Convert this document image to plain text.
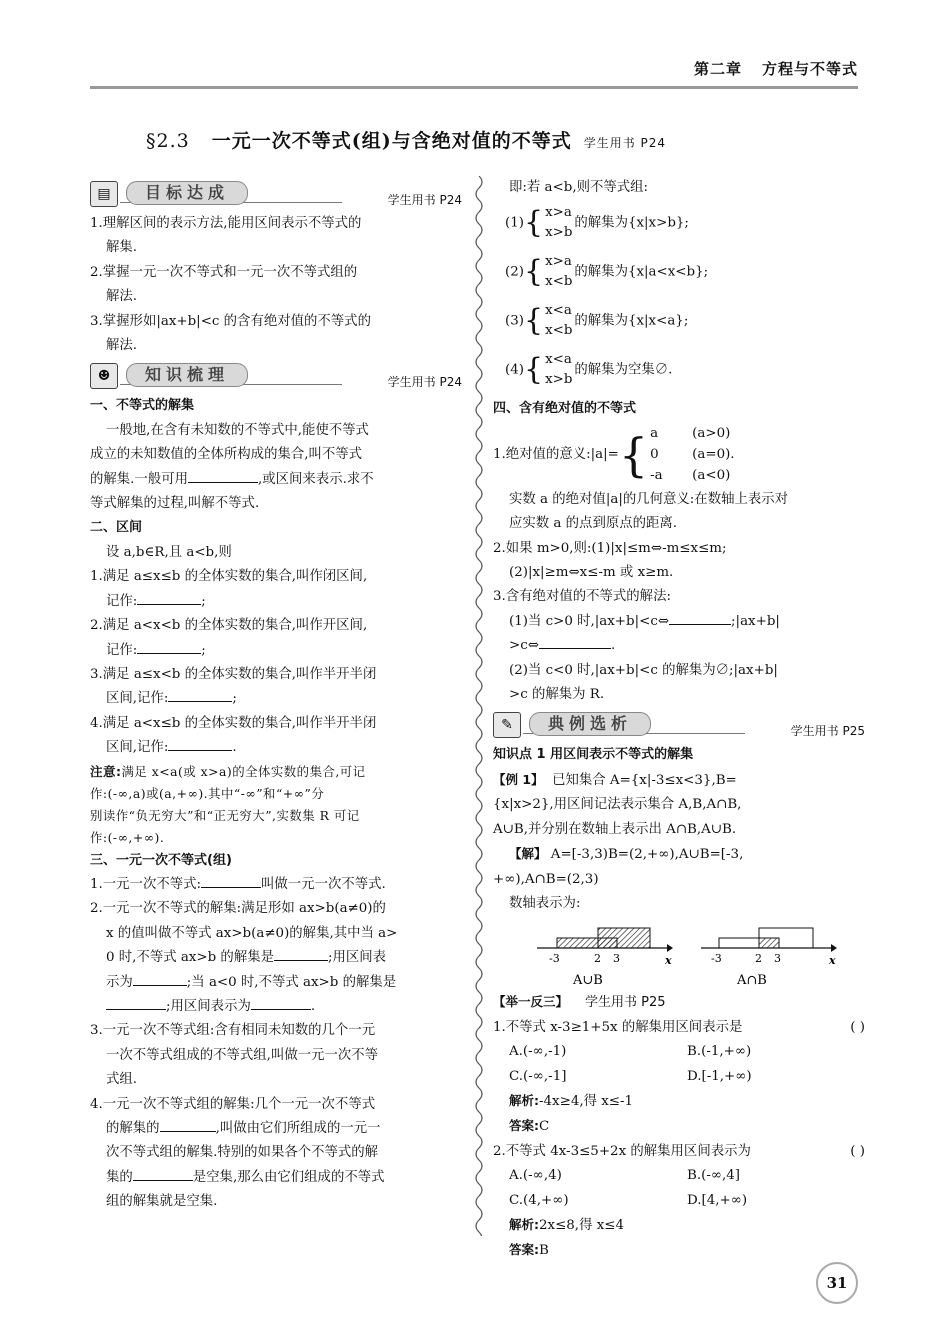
第二章 方程与不等式
§2.3 一元一次不等式(组)与含绝对值的不等式 学生用书 P24
▤	目标达成	学生用书 P24

1.理解区间的表示方法,能用区间表示不等式的

解集.

2.掌握一元一次不等式和一元一次不等式组的

解法.

3.掌握形如|ax+b|<c 的含有绝对值的不等式的

解法.

☻	知识梳理	学生用书 P24

一、不等式的解集

一般地,在含有未知数的不等式中,能使不等式

成立的未知数值的全体所构成的集合,叫不等式

的解集.一般可用	,或区间来表示.求不

等式解集的过程,叫解不等式.

二、区间

设 a,b∈R,且 a<b,则

1.满足 a≤x≤b 的全体实数的集合,叫作闭区间,

记作:	;

2.满足 a<x<b 的全体实数的集合,叫作开区间,

记作:	;

3.满足 a≤x<b 的全体实数的集合,叫作半开半闭

区间,记作:	;

4.满足 a<x≤b 的全体实数的集合,叫作半开半闭

区间,记作:	.

注意:满足 x<a(或 x>a)的全体实数的集合,可记

作:(-∞,a)或(a,+∞).其中“-∞”和“+∞”分

别读作“负无穷大”和“正无穷大”,实数集 R 可记

作:(-∞,+∞).

三、一元一次不等式(组)

1.一元一次不等式:	叫做一元一次不等式.

2.一元一次不等式的解集:满足形如 ax>b(a≠0)的

x 的值叫做不等式 ax>b(a≠0)的解集,其中当 a>

0 时,不等式 ax>b 的解集是	;用区间表

示为	;当 a<0 时,不等式 ax>b 的解集是

;用区间表示为	.

3.一元一次不等式组:含有相同未知数的几个一元

一次不等式组成的不等式组,叫做一元一次不等

式组.

4.一元一次不等式组的解集:几个一元一次不等式

的解集的	,叫做由它们所组成的一元一

次不等式组的解集.特别的如果各个不等式的解

集的	是空集,那么由它们组成的不等式

组的解集就是空集.

即:若 a<b,则不等式组:

(1){ x>a
x>b
的解集为{x|x>b};
(2){ x>a
x<b
的解集为{x|a<x<b};
(3){ x<a
x<b
的解集为{x|x<a};
(4){ x<a
x>b
的解集为空集∅.

四、含有绝对值的不等式

1.绝对值的意义:|a|= { a	(a>0)
0 (a=0).
-a (a<0)

实数 a 的绝对值|a|的几何意义:在数轴上表示对

应实数 a 的点到原点的距离.

2.如果 m>0,则:(1)|x|≤m⇔-m≤x≤m;

(2)|x|≥m⇔x≤-m 或 x≥m.

3.含有绝对值的不等式的解法:

(1)当 c>0 时,|ax+b|<c⇔	;|ax+b|

>c⇔	.

(2)当 c<0 时,|ax+b|<c 的解集为∅;|ax+b|

>c 的解集为 R.

✎	典例选析	学生用书 P25

知识点 1 用区间表示不等式的解集

【例 1】 已知集合 A={x|-3≤x<3},B=

{x|x>2},用区间记法表示集合 A,B,A∩B,

A∪B,并分别在数轴上表示出 A∩B,A∪B.

【解】 A=[-3,3)B=(2,+∞),A∪B=[-3,

+∞),A∩B=(2,3)

数轴表示为:

-3	2 3	x
A∪B
-3	2 3	x
A∩B

【举一反三】 学生用书 P25

1.不等式 x-3≥1+5x 的解集用区间表示是	( )

A.(-∞,-1)	B.(-1,+∞)
C.(-∞,-1]	D.[-1,+∞)

解析:-4x≥4,得 x≤-1

答案:C

2.不等式 4x-3≤5+2x 的解集用区间表示为	( )

A.(-∞,4)	B.(-∞,4]
C.(4,+∞)	D.[4,+∞)

解析:2x≤8,得 x≤4

答案:B

31
